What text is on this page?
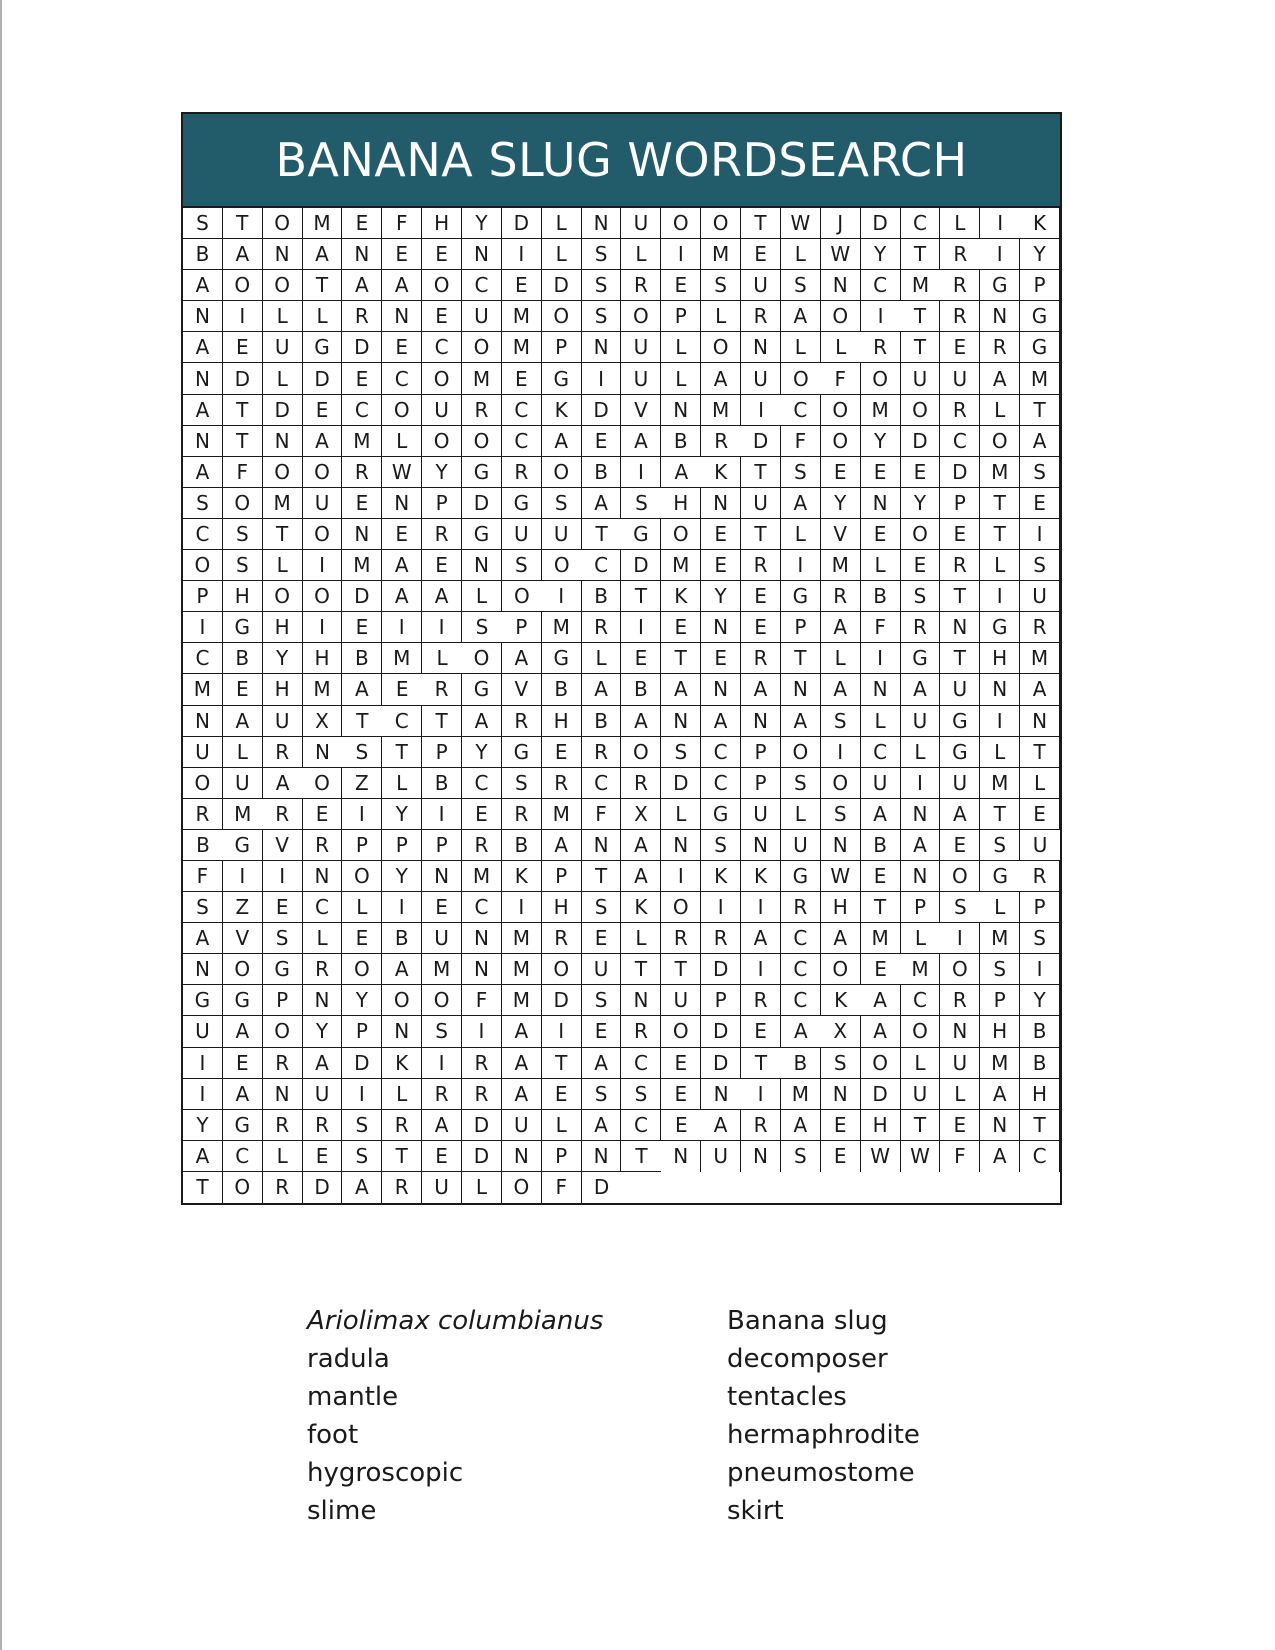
BANANA SLUG WORDSEARCH
S	T	O	M	E	F	H	Y	D	L	N	U	O	O	T	W	J	D	C	L	I	K
B	A	N	A	N	E	E	N	I	L	S	L	I	M	E	L	W	Y	T	R	I	Y
A	O	O	T	A	A	O	C	E	D	S	R	E	S	U	S	N	C	M	R	G	P
N	I	L	L	R	N	E	U	M	O	S	O	P	L	R	A	O	I	T	R	N	G
A	E	U	G	D	E	C	O	M	P	N	U	L	O	N	L	L	R	T	E	R	G
N	D	L	D	E	C	O	M	E	G	I	U	L	A	U	O	F	O	U	U	A	M
A	T	D	E	C	O	U	R	C	K	D	V	N	M	I	C	O	M	O	R	L	T
N	T	N	A	M	L	O	O	C	A	E	A	B	R	D	F	O	Y	D	C	O	A
A	F	O	O	R	W	Y	G	R	O	B	I	A	K	T	S	E	E	E	D	M	S
S	O	M	U	E	N	P	D	G	S	A	S	H	N	U	A	Y	N	Y	P	T	E
C	S	T	O	N	E	R	G	U	U	T	G	O	E	T	L	V	E	O	E	T	I
O	S	L	I	M	A	E	N	S	O	C	D	M	E	R	I	M	L	E	R	L	S
P	H	O	O	D	A	A	L	O	I	B	T	K	Y	E	G	R	B	S	T	I	U
I	G	H	I	E	I	I	S	P	M	R	I	E	N	E	P	A	F	R	N	G	R
C	B	Y	H	B	M	L	O	A	G	L	E	T	E	R	T	L	I	G	T	H	M
M	E	H	M	A	E	R	G	V	B	A	B	A	N	A	N	A	N	A	U	N	A
N	A	U	X	T	C	T	A	R	H	B	A	N	A	N	A	S	L	U	G	I	N
U	L	R	N	S	T	P	Y	G	E	R	O	S	C	P	O	I	C	L	G	L	T
O	U	A	O	Z	L	B	C	S	R	C	R	D	C	P	S	O	U	I	U	M	L
R	M	R	E	I	Y	I	E	R	M	F	X	L	G	U	L	S	A	N	A	T	E
B	G	V	R	P	P	P	R	B	A	N	A	N	S	N	U	N	B	A	E	S	U
F	I	I	N	O	Y	N	M	K	P	T	A	I	K	K	G	W	E	N	O	G	R
S	Z	E	C	L	I	E	C	I	H	S	K	O	I	I	R	H	T	P	S	L	P
A	V	S	L	E	B	U	N	M	R	E	L	R	R	A	C	A	M	L	I	M	S
N	O	G	R	O	A	M	N	M	O	U	T	T	D	I	C	O	E	M	O	S	I
G	G	P	N	Y	O	O	F	M	D	S	N	U	P	R	C	K	A	C	R	P	Y
U	A	O	Y	P	N	S	I	A	I	E	R	O	D	E	A	X	A	O	N	H	B
I	E	R	A	D	K	I	R	A	T	A	C	E	D	T	B	S	O	L	U	M	B
I	A	N	U	I	L	R	R	A	E	S	S	E	N	I	M	N	D	U	L	A	H
Y	G	R	R	S	R	A	D	U	L	A	C	E	A	R	A	E	H	T	E	N	T
A	C	L	E	S	T	E	D	N	P	N	T	N	U	N	S	E	W	W	F	A	C
T	O	R	D	A	R	U	L	O	F	D
Ariolimax columbianus	Banana slug
radula	decomposer
mantle	tentacles
foot	hermaphrodite
hygroscopic	pneumostome
slime	skirt
